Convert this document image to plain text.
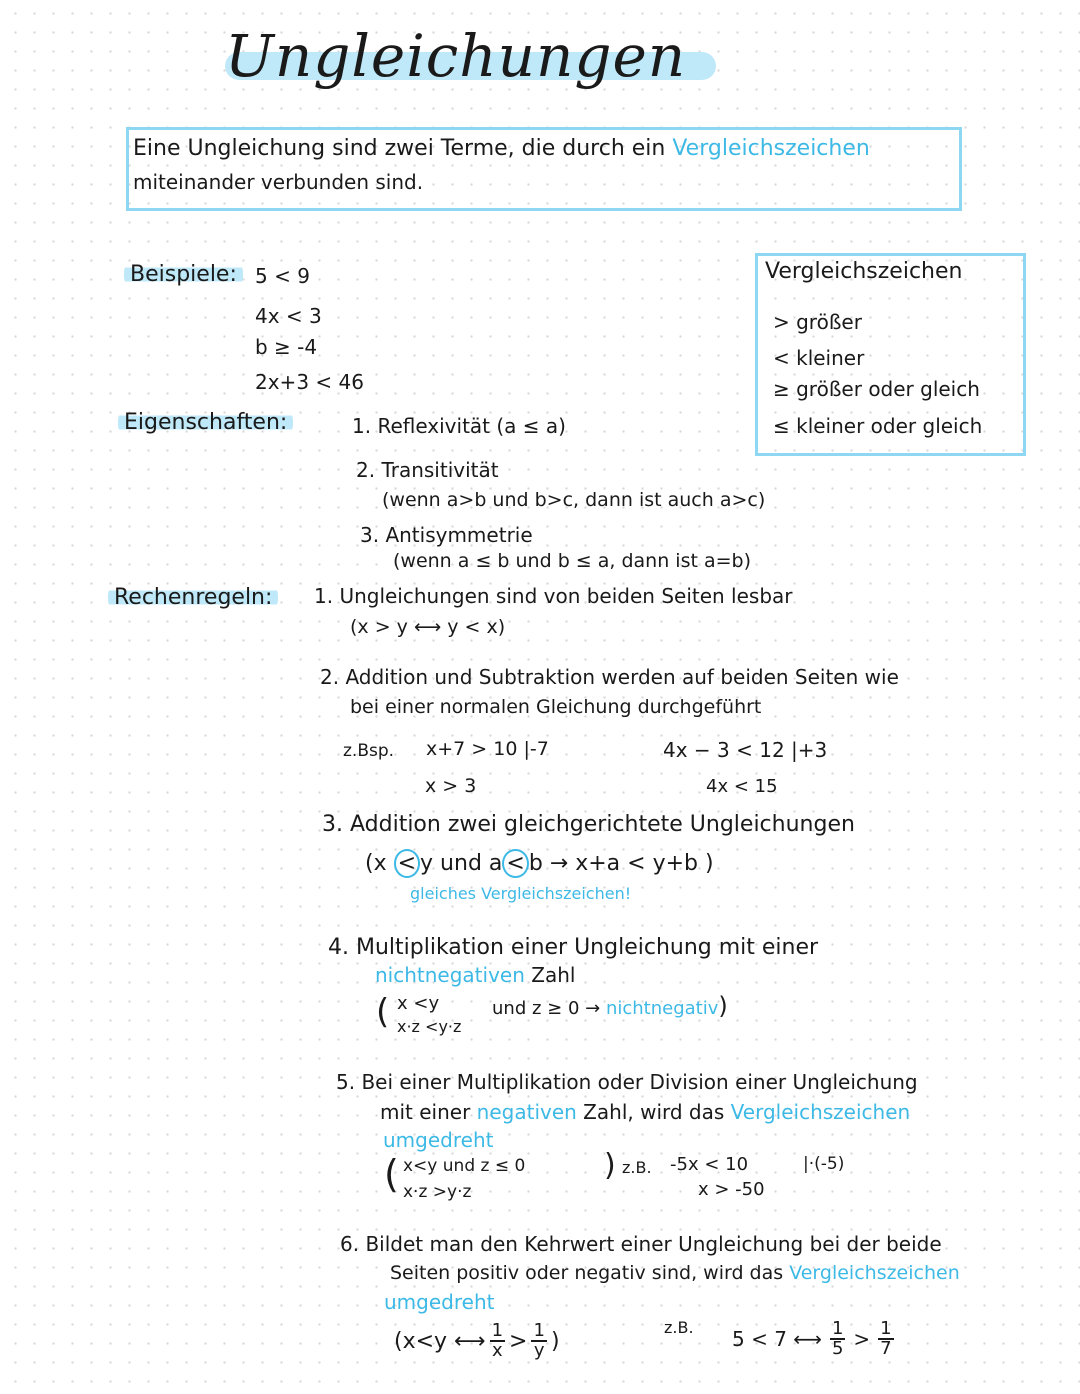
Ungleichungen
Eine Ungleichung sind zwei Terme, die durch ein Vergleichszeichen
miteinander verbunden sind.
Beispiele: 5 < 9
4x < 3
b ≥ -4
2x+3 < 46
Vergleichszeichen
> größer
< kleiner
≥ größer oder gleich
≤ kleiner oder gleich
Eigenschaften:	1. Reflexivität (a ≤ a)
2. Transitivität
(wenn a>b und b>c, dann ist auch a>c)
3. Antisymmetrie
(wenn a ≤ b und b ≤ a, dann ist a=b)
Rechenregeln:	1. Ungleichungen sind von beiden Seiten lesbar
(x > y ⟷ y < x)
2. Addition und Subtraktion werden auf beiden Seiten wie
bei einer normalen Gleichung durchgeführt
z.Bsp. x+7 > 10 |-7
x > 3
4x − 3 < 12 |+3
4x < 15
3. Addition zwei gleichgerichtete Ungleichungen
(x < y und a < b → x+a < y+b )
gleiches Vergleichszeichen!
4. Multiplikation einer Ungleichung mit einer
nichtnegativen Zahl
( x <y	und z ≥ 0 → nichtnegativ)
x·z <y·z
5. Bei einer Multiplikation oder Division einer Ungleichung
mit einer negativen Zahl, wird das Vergleichszeichen
umgedreht
( x<y und z ≤ 0
x·z >y·z
) z.B. -5x < 10	|·(-5)
x > -50
6. Bildet man den Kehrwert einer Ungleichung bei der beide
Seiten positiv oder negativ sind, wird das Vergleichszeichen
umgedreht
(x<y ⟷ $\frac{1}{x} > \frac{1}{y}$ )
z.B. 5 < 7 ⟷ $\frac{1}{5} > \frac{1}{7}$
